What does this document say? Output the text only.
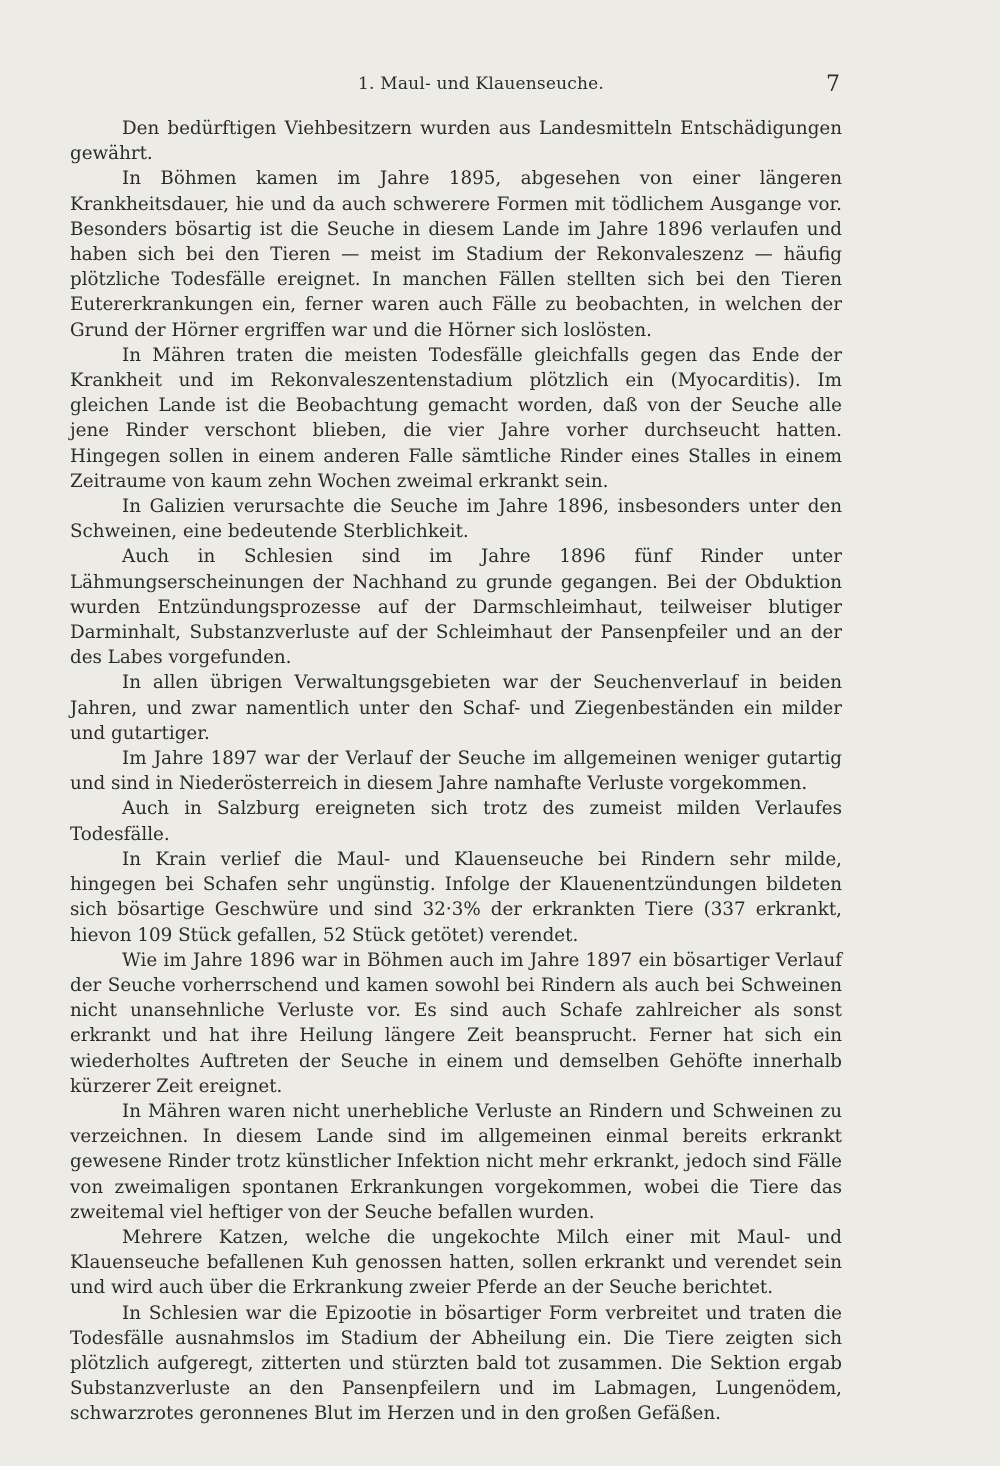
1. Maul- und Klauenseuche.	7

Den bedürftigen Viehbesitzern wurden aus Landesmitteln Entschädigungen gewährt.

In Böhmen kamen im Jahre 1895, abgesehen von einer längeren Krankheitsdauer, hie und da auch schwerere Formen mit tödlichem Ausgange vor. Besonders bösartig ist die Seuche in diesem Lande im Jahre 1896 verlaufen und haben sich bei den Tieren — meist im Stadium der Rekonvaleszenz — häufig plötzliche Todesfälle ereignet. In manchen Fällen stellten sich bei den Tieren Eutererkrankungen ein, ferner waren auch Fälle zu beobachten, in welchen der Grund der Hörner ergriffen war und die Hörner sich loslösten.

In Mähren traten die meisten Todesfälle gleichfalls gegen das Ende der Krankheit und im Rekonvaleszentenstadium plötzlich ein (Myocarditis). Im gleichen Lande ist die Beobachtung gemacht worden, daß von der Seuche alle jene Rinder verschont blieben, die vier Jahre vorher durchseucht hatten. Hingegen sollen in einem anderen Falle sämtliche Rinder eines Stalles in einem Zeitraume von kaum zehn Wochen zweimal erkrankt sein.

In Galizien verursachte die Seuche im Jahre 1896, insbesonders unter den Schweinen, eine bedeutende Sterblichkeit.

Auch in Schlesien sind im Jahre 1896 fünf Rinder unter Lähmungserscheinungen der Nachhand zu grunde gegangen. Bei der Obduktion wurden Entzündungsprozesse auf der Darmschleimhaut, teilweiser blutiger Darminhalt, Substanzverluste auf der Schleimhaut der Pansenpfeiler und an der des Labes vorgefunden.

In allen übrigen Verwaltungsgebieten war der Seuchenverlauf in beiden Jahren, und zwar namentlich unter den Schaf- und Ziegenbeständen ein milder und gutartiger.

Im Jahre 1897 war der Verlauf der Seuche im allgemeinen weniger gutartig und sind in Niederösterreich in diesem Jahre namhafte Verluste vorgekommen.

Auch in Salzburg ereigneten sich trotz des zumeist milden Verlaufes Todesfälle.

In Krain verlief die Maul- und Klauenseuche bei Rindern sehr milde, hingegen bei Schafen sehr ungünstig. Infolge der Klauenentzündungen bildeten sich bösartige Geschwüre und sind 32·3% der erkrankten Tiere (337 erkrankt, hievon 109 Stück gefallen, 52 Stück getötet) verendet.

Wie im Jahre 1896 war in Böhmen auch im Jahre 1897 ein bösartiger Verlauf der Seuche vorherrschend und kamen sowohl bei Rindern als auch bei Schweinen nicht unansehnliche Verluste vor. Es sind auch Schafe zahlreicher als sonst erkrankt und hat ihre Heilung längere Zeit beansprucht. Ferner hat sich ein wiederholtes Auftreten der Seuche in einem und demselben Gehöfte innerhalb kürzerer Zeit ereignet.

In Mähren waren nicht unerhebliche Verluste an Rindern und Schweinen zu verzeichnen. In diesem Lande sind im allgemeinen einmal bereits erkrankt gewesene Rinder trotz künstlicher Infektion nicht mehr erkrankt, jedoch sind Fälle von zweimaligen spontanen Erkrankungen vorgekommen, wobei die Tiere das zweitemal viel heftiger von der Seuche befallen wurden.

Mehrere Katzen, welche die ungekochte Milch einer mit Maul- und Klauenseuche befallenen Kuh genossen hatten, sollen erkrankt und verendet sein und wird auch über die Erkrankung zweier Pferde an der Seuche berichtet.

In Schlesien war die Epizootie in bösartiger Form verbreitet und traten die Todesfälle ausnahmslos im Stadium der Abheilung ein. Die Tiere zeigten sich plötzlich aufgeregt, zitterten und stürzten bald tot zusammen. Die Sektion ergab Substanzverluste an den Pansenpfeilern und im Labmagen, Lungenödem, schwarzrotes geronnenes Blut im Herzen und in den großen Gefäßen.
